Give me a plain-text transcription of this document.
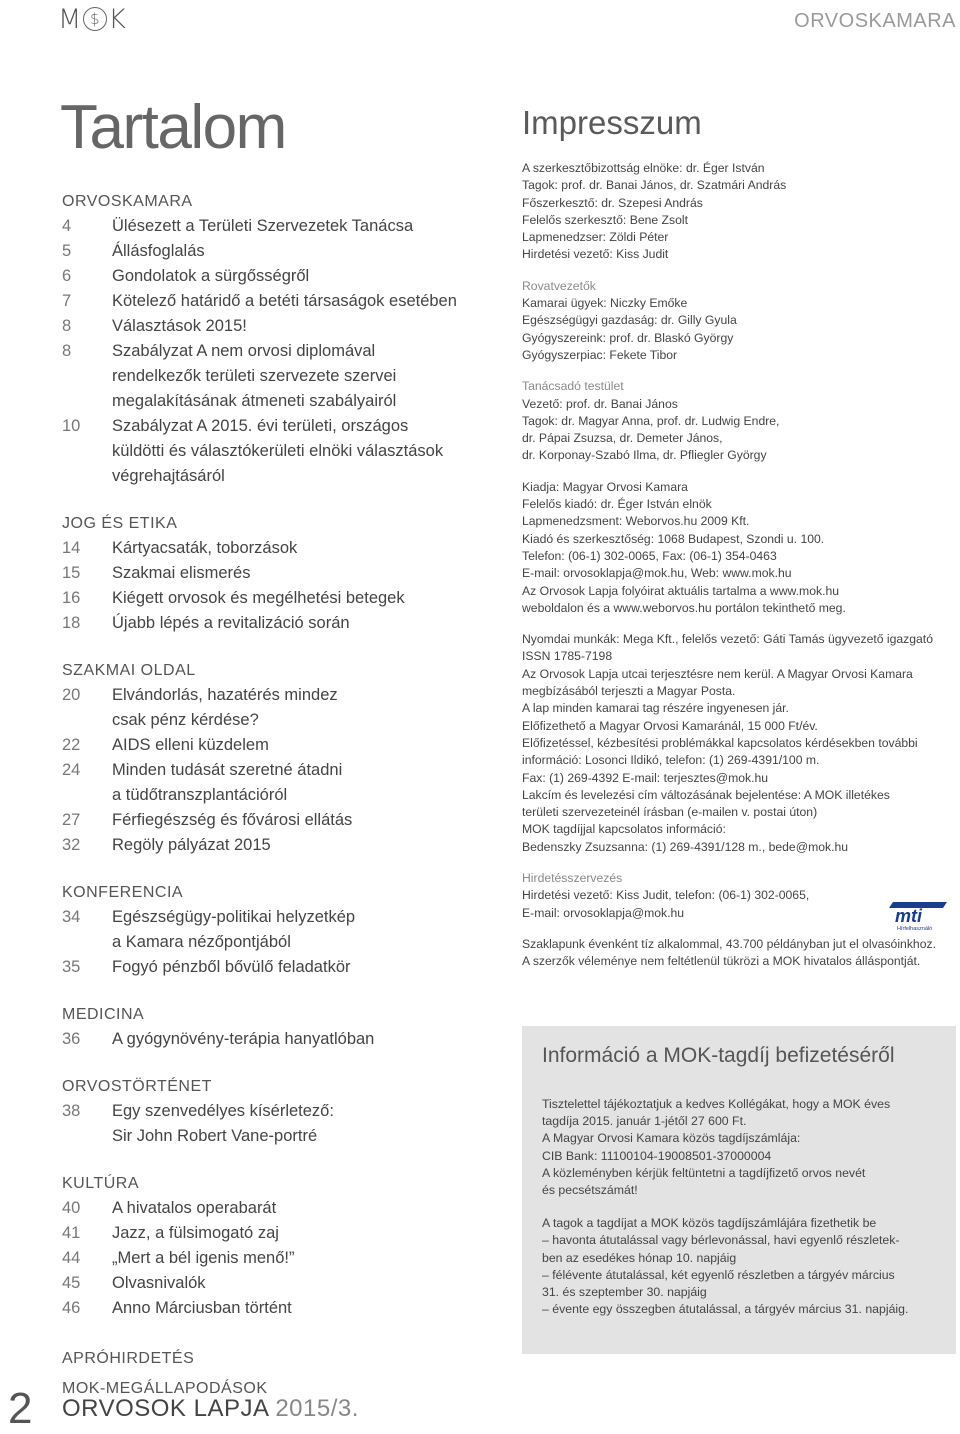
M $ K	ORVOSKAMARA
Tartalom
ORVOSKAMARA
4	Ülésezett a Területi Szervezetek Tanácsa
5	Állásfoglalás
6	Gondolatok a sürgősségről
7	Kötelező határidő a betéti társaságok esetében
8	Választások 2015!
8	Szabályzat A nem orvosi diplomával
rendelkezők területi szervezete szervei
megalakításának átmeneti szabályairól
10	Szabályzat A 2015. évi területi, országos
küldötti és választókerületi elnöki választások
végrehajtásáról
JOG ÉS ETIKA
14	Kártyacsaták, toborzások
15	Szakmai elismerés
16	Kiégett orvosok és megélhetési betegek
18	Újabb lépés a revitalizáció során
SZAKMAI OLDAL
20	Elvándorlás, hazatérés mindez
csak pénz kérdése?
22	AIDS elleni küzdelem
24	Minden tudását szeretné átadni
a tüdőtranszplantációról
27	Férfiegészség és fővárosi ellátás
32	Regöly pályázat 2015
KONFERENCIA
34	Egészségügy-politikai helyzetkép
a Kamara nézőpontjából
35	Fogyó pénzből bővülő feladatkör
MEDICINA
36	A gyógynövény-terápia hanyatlóban
ORVOSTÖRTÉNET
38	Egy szenvedélyes kísérletező:
Sir John Robert Vane-portré
KULTÚRA
40	A hivatalos operabarát
41	Jazz, a fülsimogató zaj
44	„Mert a bél igenis menő!”
45	Olvasnivalók
46	Anno Márciusban történt
APRÓHIRDETÉS
MOK-MEGÁLLAPODÁSOK
Impresszum

A szerkesztőbizottság elnöke: dr. Éger István

Tagok: prof. dr. Banai János, dr. Szatmári András

Főszerkesztő: dr. Szepesi András

Felelős szerkesztő: Bene Zsolt

Lapmenedzser: Zöldi Péter

Hirdetési vezető: Kiss Judit

Rovatvezetők

Kamarai ügyek: Niczky Emőke

Egészségügyi gazdaság: dr. Gilly Gyula

Gyógyszereink: prof. dr. Blaskó György

Gyógyszerpiac: Fekete Tibor

Tanácsadó testület

Vezető: prof. dr. Banai János

Tagok: dr. Magyar Anna, prof. dr. Ludwig Endre,

dr. Pápai Zsuzsa, dr. Demeter János,

dr. Korponay-Szabó Ilma, dr. Pfliegler György

Kiadja: Magyar Orvosi Kamara

Felelős kiadó: dr. Éger István elnök

Lapmenedzsment: Weborvos.hu 2009 Kft.

Kiadó és szerkesztőség: 1068 Budapest, Szondi u. 100.

Telefon: (06-1) 302-0065, Fax: (06-1) 354-0463

E-mail: orvosoklapja@mok.hu, Web: www.mok.hu

Az Orvosok Lapja folyóirat aktuális tartalma a www.mok.hu

weboldalon és a www.weborvos.hu portálon tekinthető meg.

Nyomdai munkák: Mega Kft., felelős vezető: Gáti Tamás ügyvezető igazgató

ISSN 1785-7198

Az Orvosok Lapja utcai terjesztésre nem kerül. A Magyar Orvosi Kamara

megbízásából terjeszti a Magyar Posta.

A lap minden kamarai tag részére ingyenesen jár.

Előfizethető a Magyar Orvosi Kamaránál, 15 000 Ft/év.

Előfizetéssel, kézbesítési problémákkal kapcsolatos kérdésekben további

információ: Losonci Ildikó, telefon: (1) 269-4391/100 m.

Fax: (1) 269-4392 E-mail: terjesztes@mok.hu

Lakcím és levelezési cím változásának bejelentése: A MOK illetékes

területi szervezeteinél írásban (e-mailen v. postai úton)

MOK tagdíjjal kapcsolatos információ:

Bedenszky Zsuzsanna: (1) 269-4391/128 m., bede@mok.hu

Hirdetésszervezés

Hirdetési vezető: Kiss Judit, telefon: (06-1) 302-0065,

E-mail: orvosoklapja@mok.hu

Szaklapunk évenként tíz alkalommal, 43.700 példányban jut el olvasóinkhoz.

A szerzők véleménye nem feltétlenül tükrözi a MOK hivatalos álláspontját.

mti
Hírfelhasználó
Információ a MOK-tagdíj befizetéséről

Tisztelettel tájékoztatjuk a kedves Kollégákat, hogy a MOK éves

tagdíja 2015. január 1-jétől 27 600 Ft.

A Magyar Orvosi Kamara közös tagdíjszámlája:

CIB Bank: 11100104-19008501-37000004

A közleményben kérjük feltüntetni a tagdíjfizető orvos nevét

és pecsétszámát!

A tagok a tagdíjat a MOK közös tagdíjszámlájára fizethetik be

– havonta átutalással vagy bérlevonással, havi egyenlő részletek-
ben az esedékes hónap 10. napjáig
– félévente átutalással, két egyenlő részletben a tárgyév március
31. és szeptember 30. napjáig
– évente egy összegben átutalással, a tárgyév március 31. napjáig.
2 ORVOSOK LAPJA 2015/3.
